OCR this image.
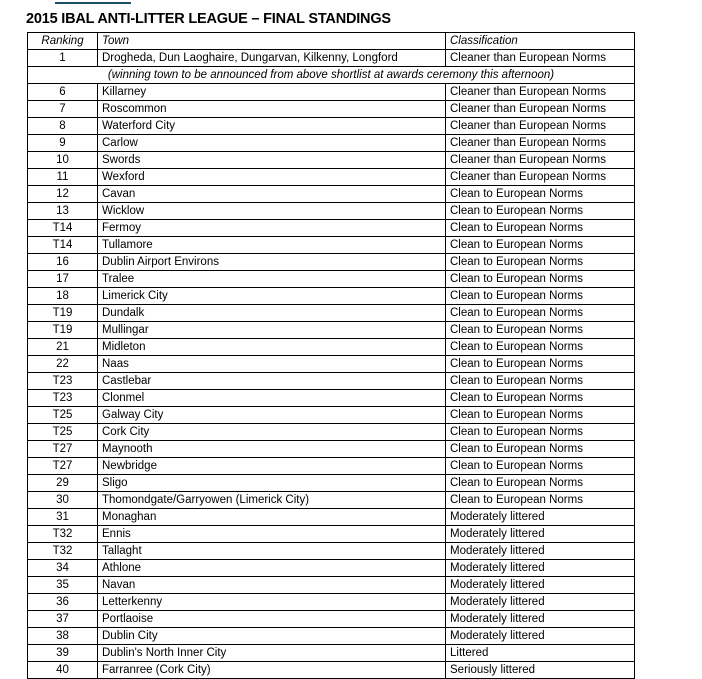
2015 IBAL ANTI-LITTER LEAGUE – FINAL STANDINGS
Ranking	Town	Classification
1	Drogheda, Dun Laoghaire, Dungarvan, Kilkenny, Longford	Cleaner than European Norms
(winning town to be announced from above shortlist at awards ceremony this afternoon)		
6	Killarney	Cleaner than European Norms
7	Roscommon	Cleaner than European Norms
8	Waterford City	Cleaner than European Norms
9	Carlow	Cleaner than European Norms
10	Swords	Cleaner than European Norms
11	Wexford	Cleaner than European Norms
12	Cavan	Clean to European Norms
13	Wicklow	Clean to European Norms
T14	Fermoy	Clean to European Norms
T14	Tullamore	Clean to European Norms
16	Dublin Airport Environs	Clean to European Norms
17	Tralee	Clean to European Norms
18	Limerick City	Clean to European Norms
T19	Dundalk	Clean to European Norms
T19	Mullingar	Clean to European Norms
21	Midleton	Clean to European Norms
22	Naas	Clean to European Norms
T23	Castlebar	Clean to European Norms
T23	Clonmel	Clean to European Norms
T25	Galway City	Clean to European Norms
T25	Cork City	Clean to European Norms
T27	Maynooth	Clean to European Norms
T27	Newbridge	Clean to European Norms
29	Sligo	Clean to European Norms
30	Thomondgate/Garryowen (Limerick City)	Clean to European Norms
31	Monaghan	Moderately littered
T32	Ennis	Moderately littered
T32	Tallaght	Moderately littered
34	Athlone	Moderately littered
35	Navan	Moderately littered
36	Letterkenny	Moderately littered
37	Portlaoise	Moderately littered
38	Dublin City	Moderately littered
39	Dublin's North Inner City	Littered
40	Farranree (Cork City)	Seriously littered
